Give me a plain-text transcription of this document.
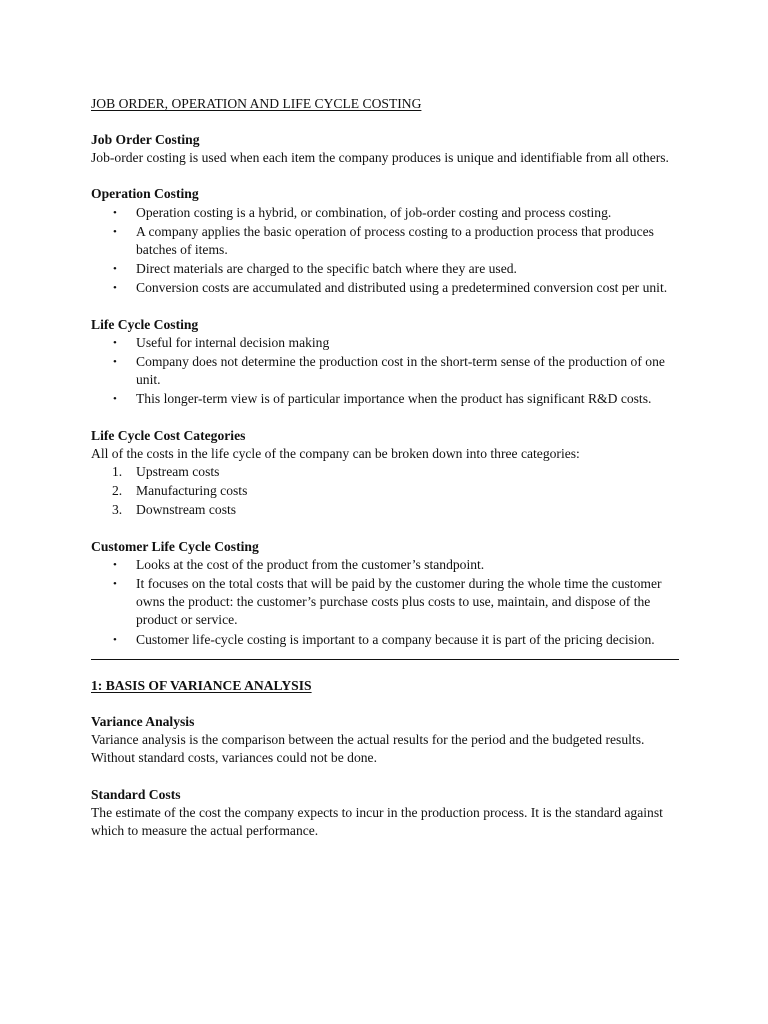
JOB ORDER, OPERATION AND LIFE CYCLE COSTING

Job Order Costing

Job-order costing is used when each item the company produces is unique and identifiable from all others.

Operation Costing

• Operation costing is a hybrid, or combination, of job-order costing and process costing.
• A company applies the basic operation of process costing to a production process that produces batches of items.
• Direct materials are charged to the specific batch where they are used.
• Conversion costs are accumulated and distributed using a predetermined conversion cost per unit.

Life Cycle Costing

• Useful for internal decision making
• Company does not determine the production cost in the short-term sense of the production of one unit.
• This longer-term view is of particular importance when the product has significant R&D costs.

Life Cycle Cost Categories

All of the costs in the life cycle of the company can be broken down into three categories:

1. Upstream costs
2. Manufacturing costs
3. Downstream costs

Customer Life Cycle Costing

• Looks at the cost of the product from the customer’s standpoint.
• It focuses on the total costs that will be paid by the customer during the whole time the customer owns the product: the customer’s purchase costs plus costs to use, maintain, and dispose of the product or service.
• Customer life-cycle costing is important to a company because it is part of the pricing decision.

1: BASIS OF VARIANCE ANALYSIS

Variance Analysis

Variance analysis is the comparison between the actual results for the period and the budgeted results. Without standard costs, variances could not be done.

Standard Costs

The estimate of the cost the company expects to incur in the production process. It is the standard against which to measure the actual performance.
